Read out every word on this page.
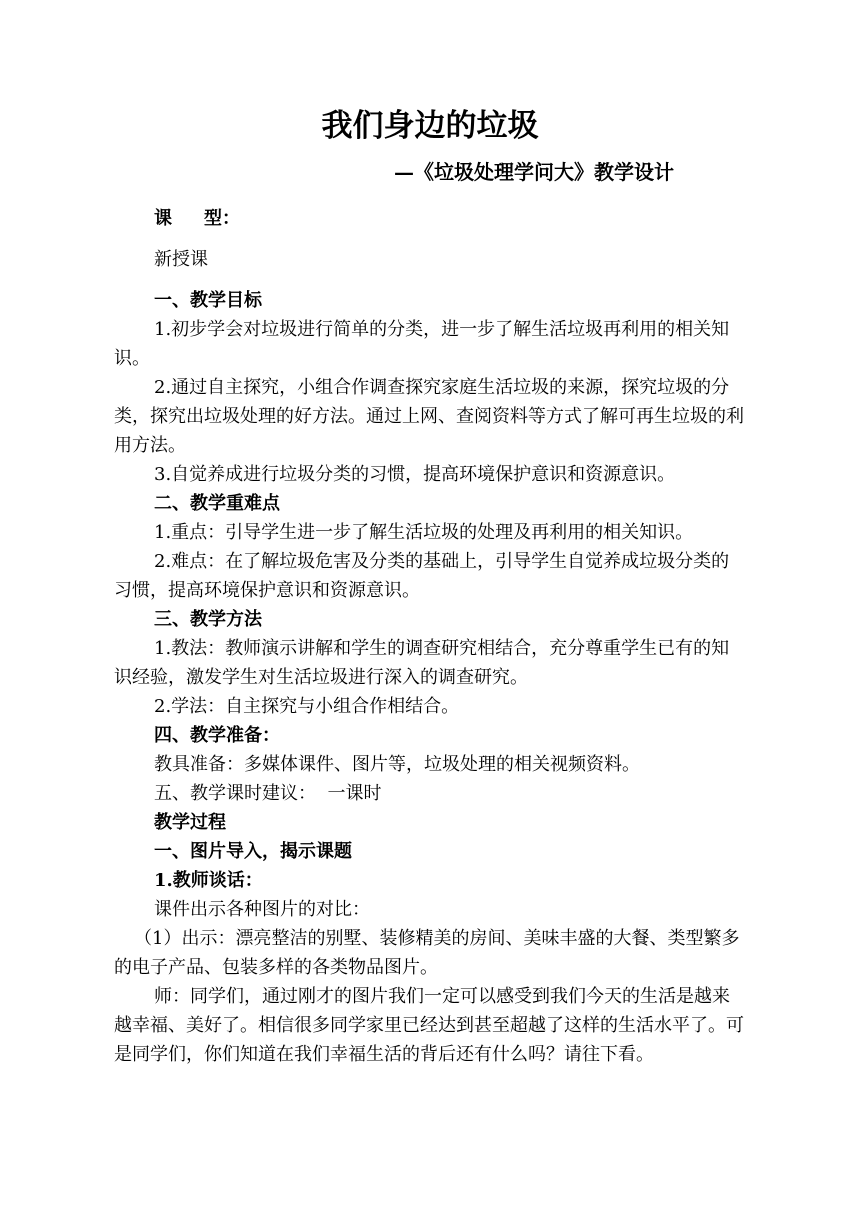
我们身边的垃圾
—《垃圾处理学问大》教学设计

课型：

新授课

一、教学目标

1.初步学会对垃圾进行简单的分类，进一步了解生活垃圾再利用的相关知识。

2.通过自主探究，小组合作调查探究家庭生活垃圾的来源，探究垃圾的分类，探究出垃圾处理的好方法。通过上网、查阅资料等方式了解可再生垃圾的利用方法。

3.自觉养成进行垃圾分类的习惯，提高环境保护意识和资源意识。

二、教学重难点

1.重点：引导学生进一步了解生活垃圾的处理及再利用的相关知识。

2.难点：在了解垃圾危害及分类的基础上，引导学生自觉养成垃圾分类的习惯，提高环境保护意识和资源意识。

三、教学方法

1.教法：教师演示讲解和学生的调查研究相结合，充分尊重学生已有的知识经验，激发学生对生活垃圾进行深入的调查研究。

2.学法：自主探究与小组合作相结合。

四、教学准备：

教具准备：多媒体课件、图片等，垃圾处理的相关视频资料。

五、教学课时建议：  一课时

教学过程

一、图片导入，揭示课题

1.教师谈话：

课件出示各种图片的对比：

（1）出示：漂亮整洁的别墅、装修精美的房间、美味丰盛的大餐、类型繁多的电子产品、包装多样的各类物品图片。

师：同学们，通过刚才的图片我们一定可以感受到我们今天的生活是越来越幸福、美好了。相信很多同学家里已经达到甚至超越了这样的生活水平了。可是同学们，你们知道在我们幸福生活的背后还有什么吗？请往下看。
